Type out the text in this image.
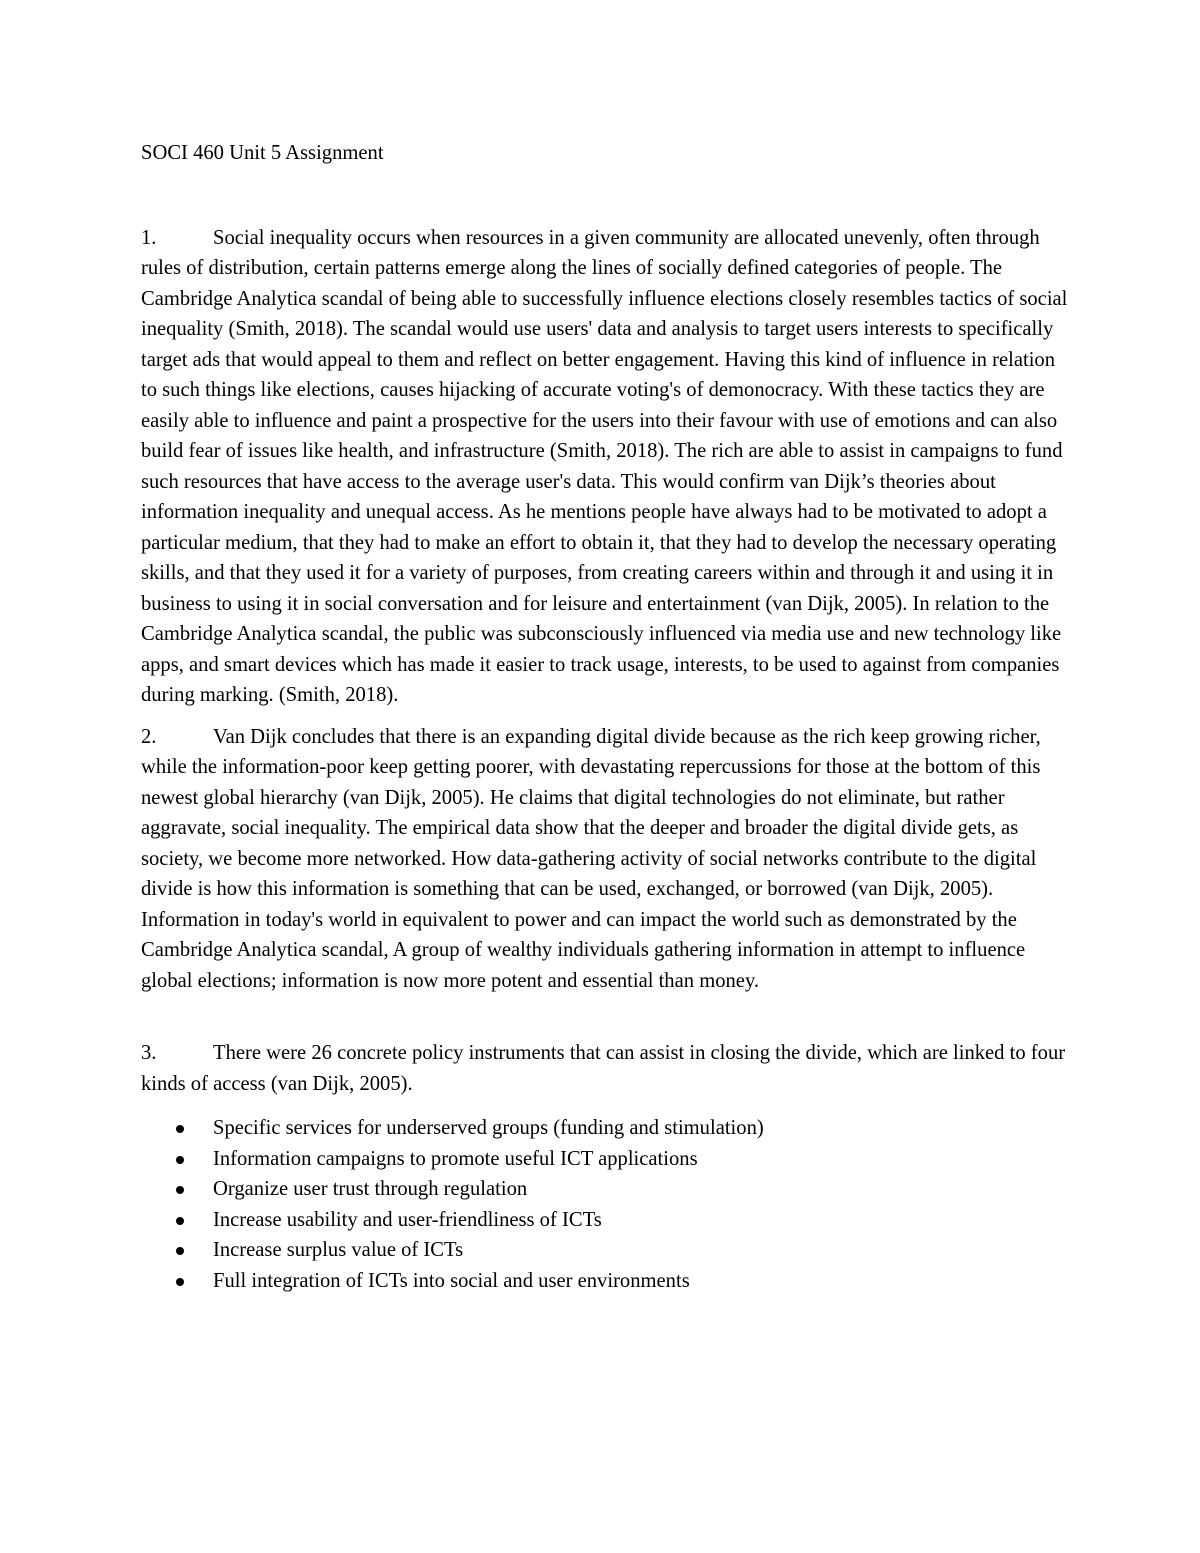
SOCI 460 Unit 5 Assignment

1.	Social inequality occurs when resources in a given community are allocated unevenly, often through rules of distribution, certain patterns emerge along the lines of socially defined categories of people. The Cambridge Analytica scandal of being able to successfully influence elections closely resembles tactics of social inequality (Smith, 2018). The scandal would use users' data and analysis to target users interests to specifically target ads that would appeal to them and reflect on better engagement. Having this kind of influence in relation to such things like elections, causes hijacking of accurate voting's of demonocracy. With these tactics they are easily able to influence and paint a prospective for the users into their favour with use of emotions and can also build fear of issues like health, and infrastructure (Smith, 2018). The rich are able to assist in campaigns to fund such resources that have access to the average user's data. This would confirm van Dijk’s theories about information inequality and unequal access. As he mentions people have always had to be motivated to adopt a particular medium, that they had to make an effort to obtain it, that they had to develop the necessary operating skills, and that they used it for a variety of purposes, from creating careers within and through it and using it in business to using it in social conversation and for leisure and entertainment (van Dijk, 2005). In relation to the Cambridge Analytica scandal, the public was subconsciously influenced via media use and new technology like apps, and smart devices which has made it easier to track usage, interests, to be used to against from companies during marking. (Smith, 2018).

2.	Van Dijk concludes that there is an expanding digital divide because as the rich keep growing richer, while the information-poor keep getting poorer, with devastating repercussions for those at the bottom of this newest global hierarchy (van Dijk, 2005). He claims that digital technologies do not eliminate, but rather aggravate, social inequality. The empirical data show that the deeper and broader the digital divide gets, as society, we become more networked. How data-gathering activity of social networks contribute to the digital divide is how this information is something that can be used, exchanged, or borrowed (van Dijk, 2005). Information in today's world in equivalent to power and can impact the world such as demonstrated by the Cambridge Analytica scandal, A group of wealthy individuals gathering information in attempt to influence global elections; information is now more potent and essential than money.

3.	There were 26 concrete policy instruments that can assist in closing the divide, which are linked to four kinds of access (van Dijk, 2005).

Specific services for underserved groups (funding and stimulation)
Information campaigns to promote useful ICT applications
Organize user trust through regulation
Increase usability and user-friendliness of ICTs
Increase surplus value of ICTs
Full integration of ICTs into social and user environments
